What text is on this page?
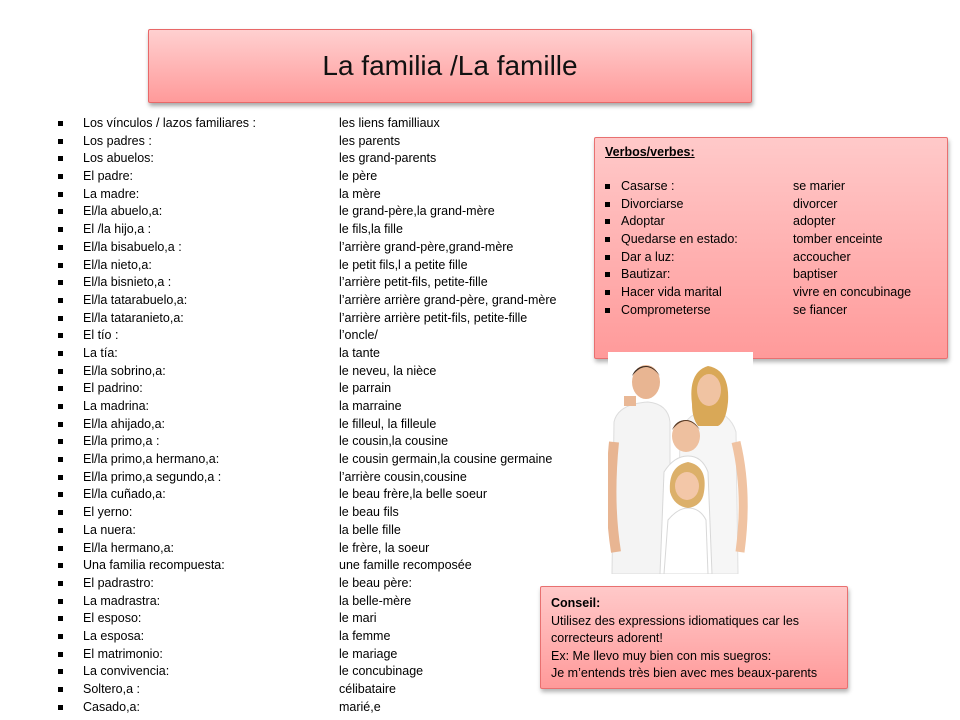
La familia /La famille
Los vínculos / lazos familiares :	les liens familliaux
Los padres :	les parents
Los abuelos:	les grand-parents
El padre:	le père
La madre:	la mère
El/la abuelo,a:	le grand-père,la grand-mère
El /la hijo,a :	le fils,la fille
El/la bisabuelo,a :	l’arrière grand-père,grand-mère
El/la nieto,a:	le petit fils,l a petite fille
El/la bisnieto,a :	l’arrière petit-fils, petite-fille
El/la tatarabuelo,a:	l’arrière arrière grand-père, grand-mère
El/la tataranieto,a:	l’arrière arrière petit-fils, petite-fille
El tío :	l’oncle/
La tía:	la tante
El/la sobrino,a:	le neveu, la nièce
El padrino:	le parrain
La madrina:	la marraine
El/la ahijado,a:	le filleul, la filleule
El/la primo,a :	le cousin,la cousine
El/la primo,a hermano,a:	le cousin germain,la cousine germaine
El/la primo,a segundo,a :	l’arrière cousin,cousine
El/la cuñado,a:	le beau frère,la belle soeur
El yerno:	le beau fils
La nuera:	la belle fille
El/la hermano,a:	le frère, la soeur
Una familia recompuesta:	une famille recomposée
El padrastro:	le beau père:
La madrastra:	la belle-mère
El esposo:	le mari
La esposa:	la femme
El matrimonio:	le mariage
La convivencia:	le concubinage
Soltero,a :	célibataire
Casado,a:	marié,e
Verbos/verbes:
Casarse :	se marier
Divorciarse	divorcer
Adoptar	adopter
Quedarse en estado:	tomber enceinte
Dar a luz:	accoucher
Bautizar:	baptiser
Hacer vida marital	vivre en concubinage
Comprometerse	se fiancer
Conseil:
Utilisez des expressions idiomatiques car les correcteurs adorent!
Ex: Me llevo muy bien con mis suegros:
Je m’entends très bien avec mes beaux-parents
